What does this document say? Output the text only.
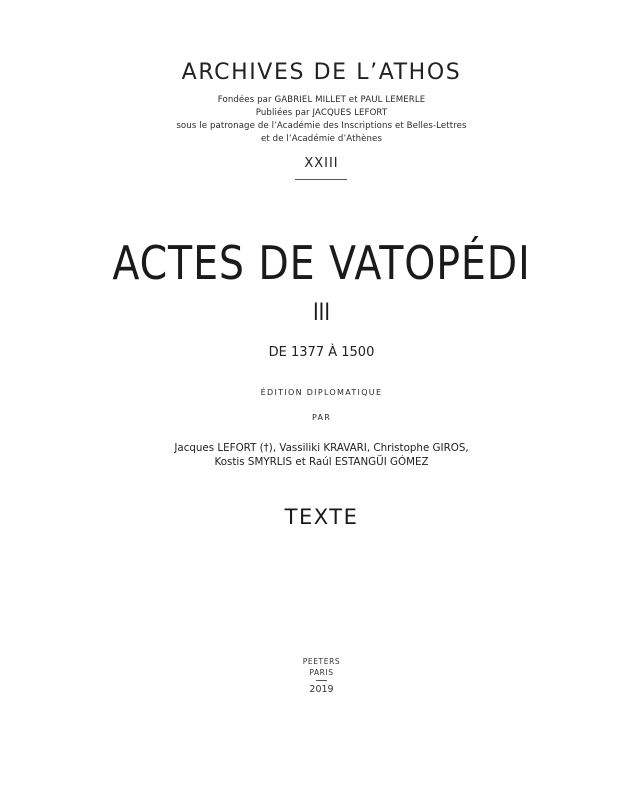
ARCHIVES DE L’ATHOS
Fondées par GABRIEL MILLET et PAUL LEMERLE
Publiées par JACQUES LEFORT
sous le patronage de l’Académie des Inscriptions et Belles-Lettres
et de l’Académie d’Athènes
XXIII
ACTES DE VATOPÉDI
III
DE 1377 À 1500
ÉDITION DIPLOMATIQUE
PAR
Jacques LEFORT (†), Vassiliki KRAVARI, Christophe GIROS,
Kostis SMYRLIS et Raúl ESTANGÜI GÓMEZ
TEXTE
PEETERS
PARIS
2019
